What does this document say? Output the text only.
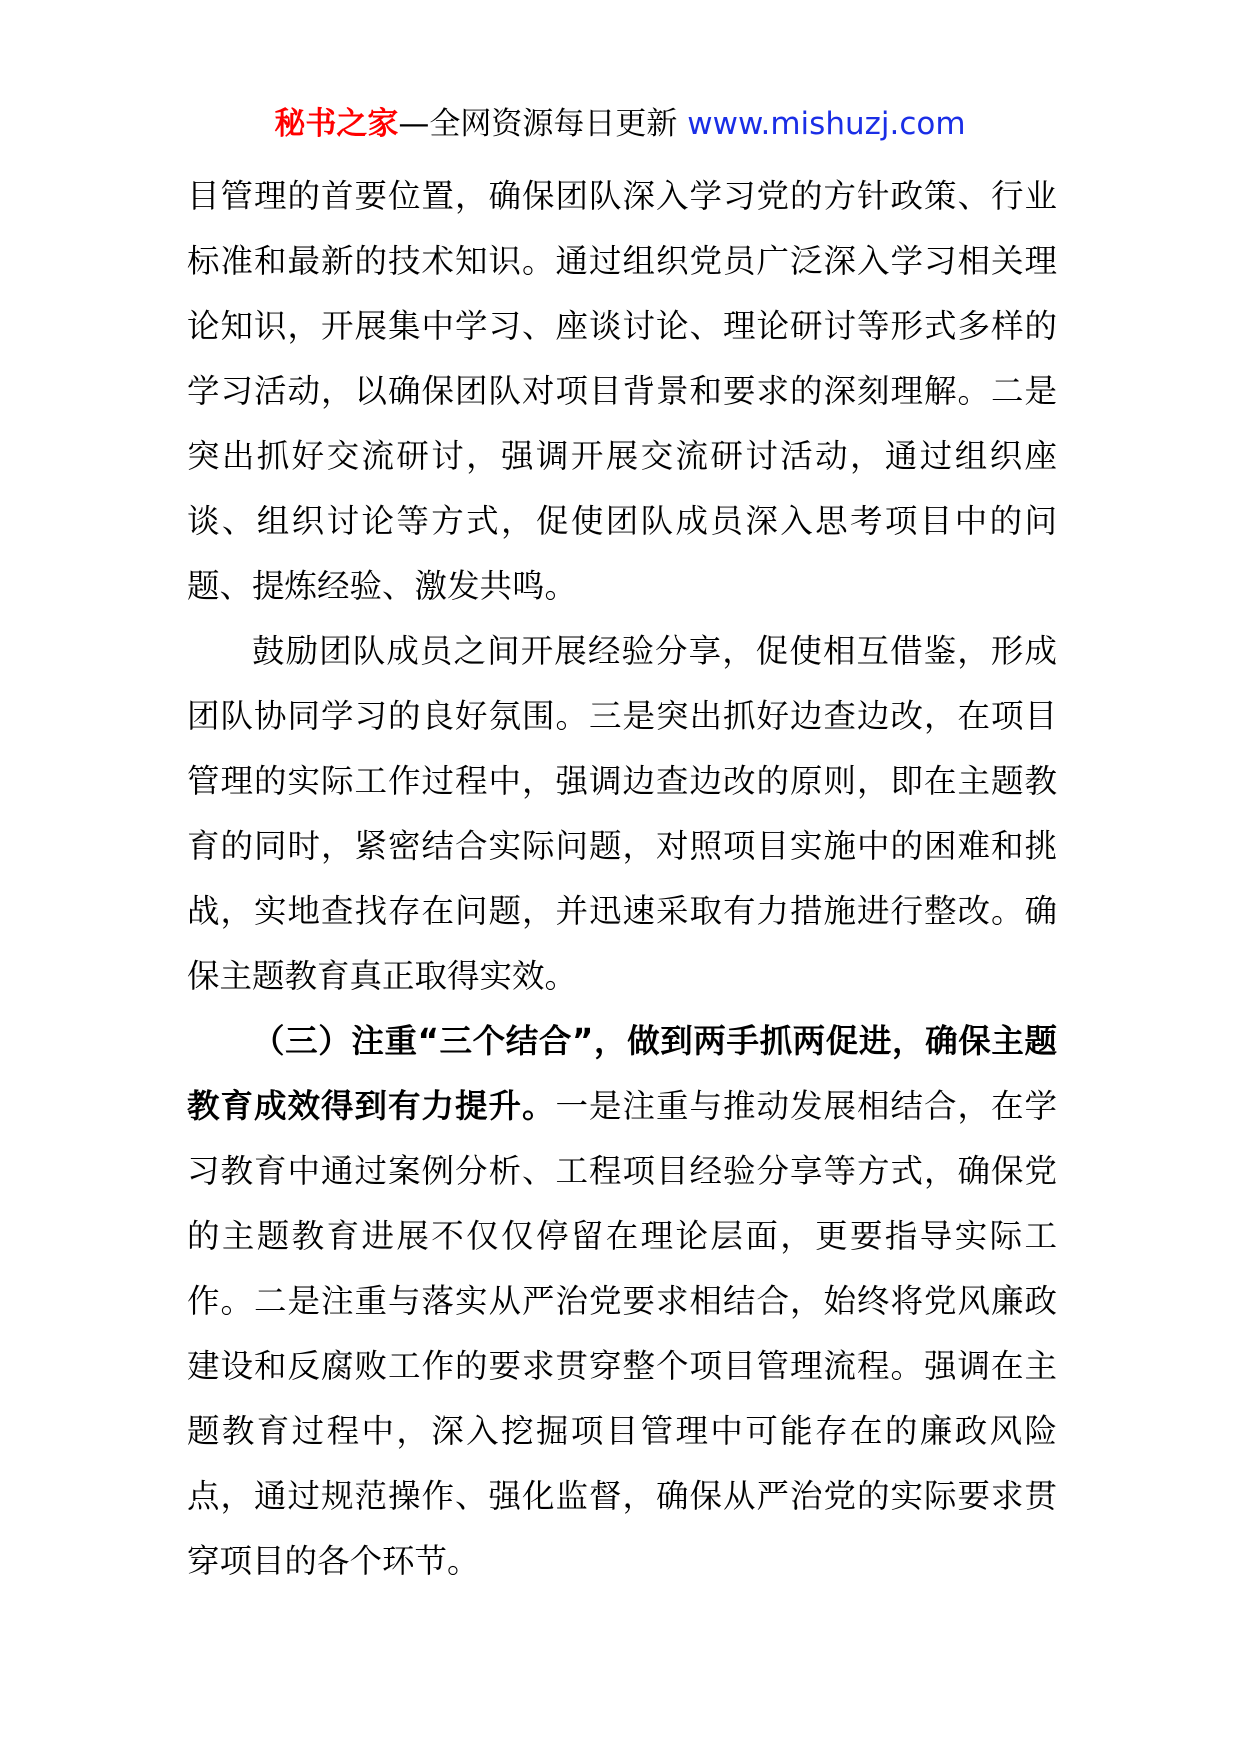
秘书之家—全网资源每日更新 www.mishuzj.com

目管理的首要位置，确保团队深入学习党的方针政策、行业标准和最新的技术知识。通过组织党员广泛深入学习相关理论知识，开展集中学习、座谈讨论、理论研讨等形式多样的学习活动，以确保团队对项目背景和要求的深刻理解。二是突出抓好交流研讨，强调开展交流研讨活动，通过组织座谈、组织讨论等方式，促使团队成员深入思考项目中的问题、提炼经验、激发共鸣。

鼓励团队成员之间开展经验分享，促使相互借鉴，形成团队协同学习的良好氛围。三是突出抓好边查边改，在项目管理的实际工作过程中，强调边查边改的原则，即在主题教育的同时，紧密结合实际问题，对照项目实施中的困难和挑战，实地查找存在问题，并迅速采取有力措施进行整改。确保主题教育真正取得实效。

（三）注重“三个结合”，做到两手抓两促进，确保主题教育成效得到有力提升。一是注重与推动发展相结合，在学习教育中通过案例分析、工程项目经验分享等方式，确保党的主题教育进展不仅仅停留在理论层面，更要指导实际工作。二是注重与落实从严治党要求相结合，始终将党风廉政建设和反腐败工作的要求贯穿整个项目管理流程。强调在主题教育过程中，深入挖掘项目管理中可能存在的廉政风险点，通过规范操作、强化监督，确保从严治党的实际要求贯穿项目的各个环节。
